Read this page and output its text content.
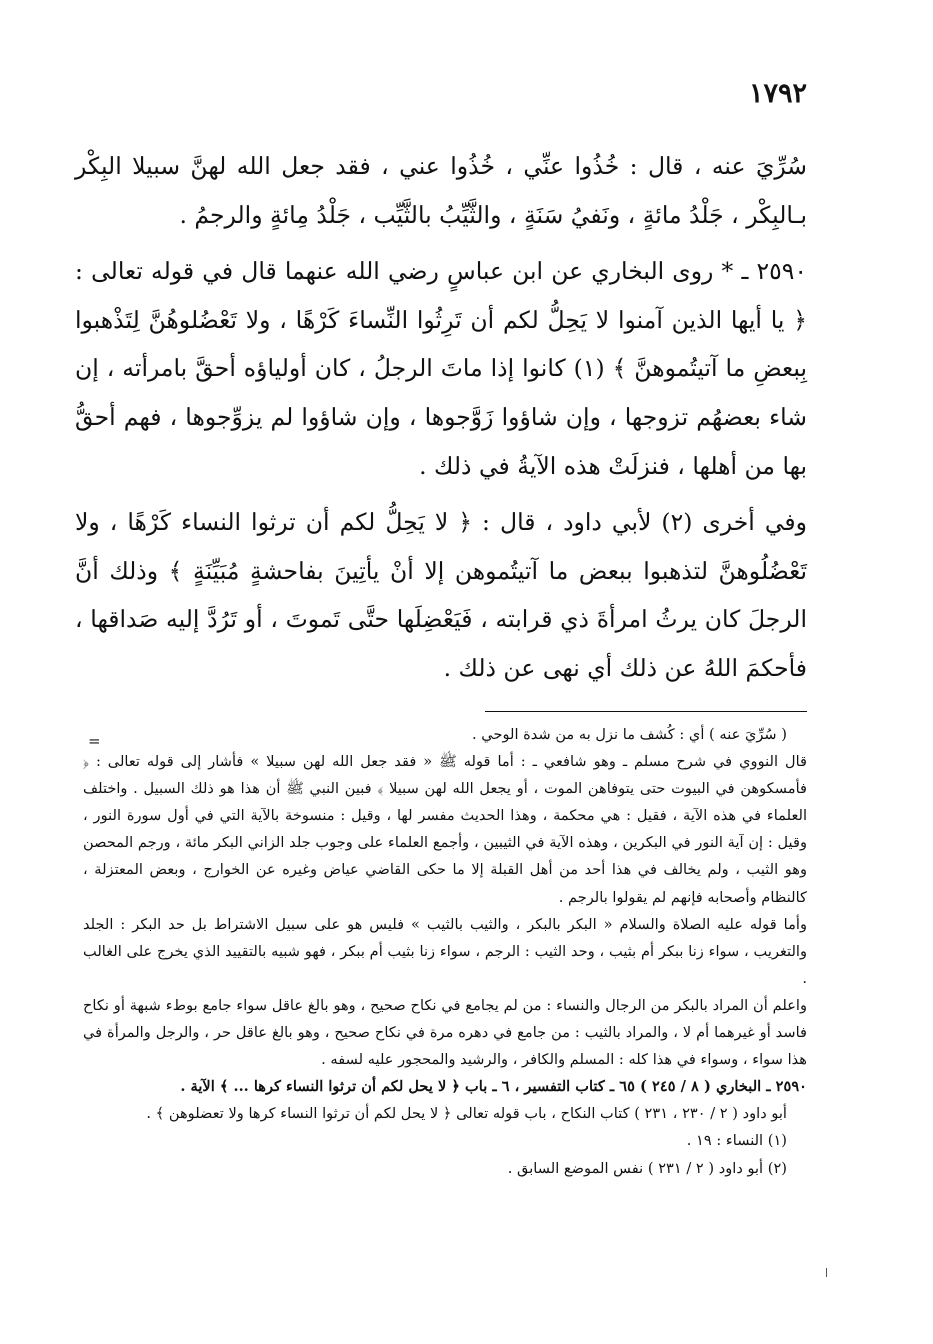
١٧٩٢

سُرِّيَ عنه ، قال : خُذُوا عنِّي ، خُذُوا عني ، فقد جعل الله لهنَّ سبيلا البِكْر بـالبِكْر ، جَلْدُ مائةٍ ، ونَفيُ سَنَةٍ ، والثَّيِّبُ بالثَّيِّب ، جَلْدُ مِائةٍ والرجمُ .

٢٥٩٠ ـ * روى البخاري عن ابن عباسٍ رضي الله عنهما قال في قوله تعالى : ﴿ يا أيها الذين آمنوا لا يَحِلُّ لكم أن تَرِثُوا النِّساءَ كَرْهًا ، ولا تَعْضُلوهُنَّ لِتَذْهبوا بِبعضِ ما آتيتُموهنَّ ﴾ (١) كانوا إذا ماتَ الرجلُ ، كان أولياؤه أحقَّ بامرأته ، إن شاء بعضهُم تزوجها ، وإن شاؤوا زَوَّجوها ، وإن شاؤوا لم يزوِّجوها ، فهم أحقُّ بها من أهلها ، فنزلَتْ هذه الآيةُ في ذلك .

وفي أخرى (٢) لأبي داود ، قال : ﴿ لا يَحِلُّ لكم أن ترثوا النساء كَرْهًا ، ولا تَعْضُلُوهنَّ لتذهبوا ببعض ما آتيتُموهن إلا أنْ يأتِينَ بفاحشةٍ مُبَيِّنَةٍ ﴾ وذلك أنَّ الرجلَ كان يرثُ امرأةَ ذي قرابته ، فَيَعْضِلَها حتَّى تَموتَ ، أو تَرُدَّ إليه صَداقها ، فأحكمَ اللهُ عن ذلك أي نهى عن ذلك .

( سُرِّيَ عنه ) أي : كُشف ما نزل به من شدة الوحي .

قال النووي في شرح مسلم ـ وهو شافعي ـ : أما قوله ﷺ « فقد جعل الله لهن سبيلا » فأشار إلى قوله تعالى : ﴿ فأمسكوهن في البيوت حتى يتوفاهن الموت ، أو يجعل الله لهن سبيلا ﴾ فبين النبي ﷺ أن هذا هو ذلك السبيل . واختلف العلماء في هذه الآية ، فقيل : هي محكمة ، وهذا الحديث مفسر لها ، وقيل : منسوخة بالآية التي في أول سورة النور ، وقيل : إن آية النور في البكرين ، وهذه الآية في الثيبين ، وأجمع العلماء على وجوب جلد الزاني البكر مائة ، ورجم المحصن وهو الثيب ، ولم يخالف في هذا أحد من أهل القبلة إلا ما حكى القاضي عياض وغيره عن الخوارج ، وبعض المعتزلة ، كالنظام وأصحابه فإنهم لم يقولوا بالرجم .

وأما قوله عليه الصلاة والسلام « البكر بالبكر ، والثيب بالثيب » فليس هو على سبيل الاشتراط بل حد البكر : الجلد والتغريب ، سواء زنا ببكر أم بثيب ، وحد الثيب : الرجم ، سواء زنا بثيب أم ببكر ، فهو شبيه بالتقييد الذي يخرج على الغالب .

واعلم أن المراد بالبكر من الرجال والنساء : من لم يجامع في نكاح صحيح ، وهو بالغ عاقل سواء جامع بوطء شبهة أو نكاح فاسد أو غيرهما أم لا ، والمراد بالثيب : من جامع في دهره مرة في نكاح صحيح ، وهو بالغ عاقل حر ، والرجل والمرأة في هذا سواء ، وسواء في هذا كله : المسلم والكافر ، والرشيد والمحجور عليه لسفه .

٢٥٩٠ ـ البخاري ( ٨ / ٢٤٥ ) ٦٥ ـ كتاب التفسير ، ٦ ـ باب ﴿ لا يحل لكم أن ترثوا النساء كرها ... ﴾ الآية .

أبو داود ( ٢ / ٢٣٠ ، ٢٣١ ) كتاب النكاح ، باب قوله تعالى ﴿ لا يحل لكم أن ترثوا النساء كرها ولا تعضلوهن ﴾ .

(١) النساء : ١٩ .

(٢) أبو داود ( ٢ / ٢٣١ ) نفس الموضع السابق .

=
